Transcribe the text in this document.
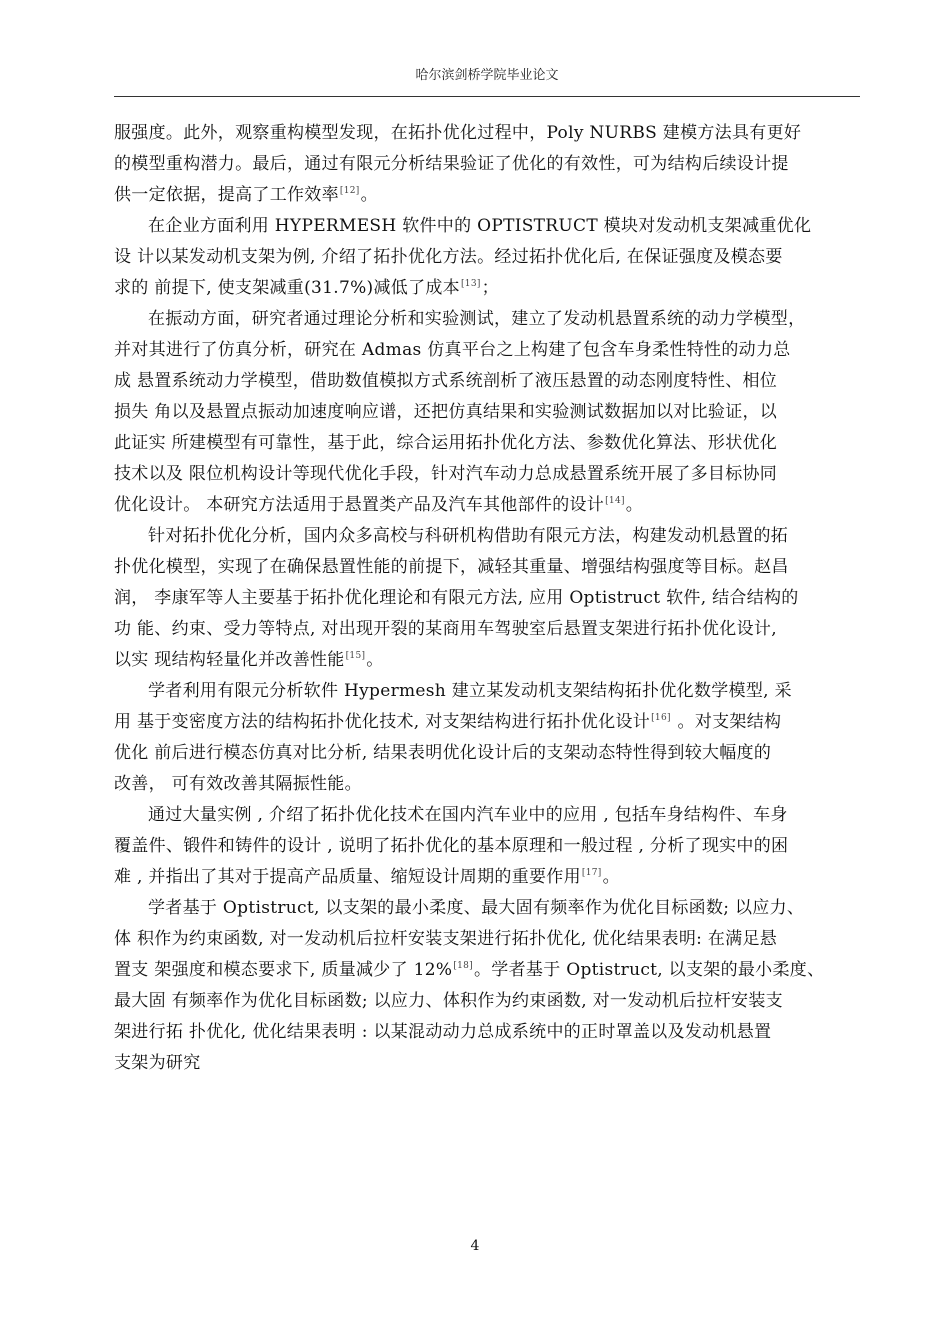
哈尔滨剑桥学院毕业论文
服强度。此外，观察重构模型发现，在拓扑优化过程中，Poly NURBS 建模方法具有更好
的模型重构潜力。最后，通过有限元分析结果验证了优化的有效性，可为结构后续设计提
供一定依据，提高了工作效率[12]。
在企业方面利用 HYPERMESH 软件中的 OPTISTRUCT 模块对发动机支架减重优化
设 计以某发动机支架为例, 介绍了拓扑优化方法。经过拓扑优化后, 在保证强度及模态要
求的 前提下, 使支架减重(31.7%)减低了成本[13]；
在振动方面，研究者通过理论分析和实验测试，建立了发动机悬置系统的动力学模型，
并对其进行了仿真分析，研究在 Admas 仿真平台之上构建了包含车身柔性特性的动力总
成 悬置系统动力学模型，借助数值模拟方式系统剖析了液压悬置的动态刚度特性、相位
损失 角以及悬置点振动加速度响应谱，还把仿真结果和实验测试数据加以对比验证，以
此证实 所建模型有可靠性，基于此，综合运用拓扑优化方法、参数优化算法、形状优化
技术以及 限位机构设计等现代优化手段，针对汽车动力总成悬置系统开展了多目标协同
优化设计。 本研究方法适用于悬置类产品及汽车其他部件的设计[14]。
针对拓扑优化分析，国内众多高校与科研机构借助有限元方法，构建发动机悬置的拓
扑优化模型，实现了在确保悬置性能的前提下，减轻其重量、增强结构强度等目标。赵昌
润， 李康军等人主要基于拓扑优化理论和有限元方法, 应用 Optistruct 软件, 结合结构的
功 能、约束、受力等特点, 对出现开裂的某商用车驾驶室后悬置支架进行拓扑优化设计,
以实 现结构轻量化并改善性能[15]。
学者利用有限元分析软件 Hypermesh 建立某发动机支架结构拓扑优化数学模型, 采
用 基于变密度方法的结构拓扑优化技术, 对支架结构进行拓扑优化设计[16] 。对支架结构
优化 前后进行模态仿真对比分析, 结果表明优化设计后的支架动态特性得到较大幅度的
改善， 可有效改善其隔振性能。
通过大量实例 , 介绍了拓扑优化技术在国内汽车业中的应用 , 包括车身结构件、车身
覆盖件、锻件和铸件的设计 , 说明了拓扑优化的基本原理和一般过程 , 分析了现实中的困
难 , 并指出了其对于提高产品质量、缩短设计周期的重要作用[17]。
学者基于 Optistruct, 以支架的最小柔度、最大固有频率作为优化目标函数; 以应力、
体 积作为约束函数, 对一发动机后拉杆安装支架进行拓扑优化, 优化结果表明: 在满足悬
置支 架强度和模态要求下, 质量减少了 12%[18]。学者基于 Optistruct, 以支架的最小柔度、
最大固 有频率作为优化目标函数; 以应力、体积作为约束函数, 对一发动机后拉杆安装支
架进行拓 扑优化, 优化结果表明 : 以某混动动力总成系统中的正时罩盖以及发动机悬置
支架为研究
4
